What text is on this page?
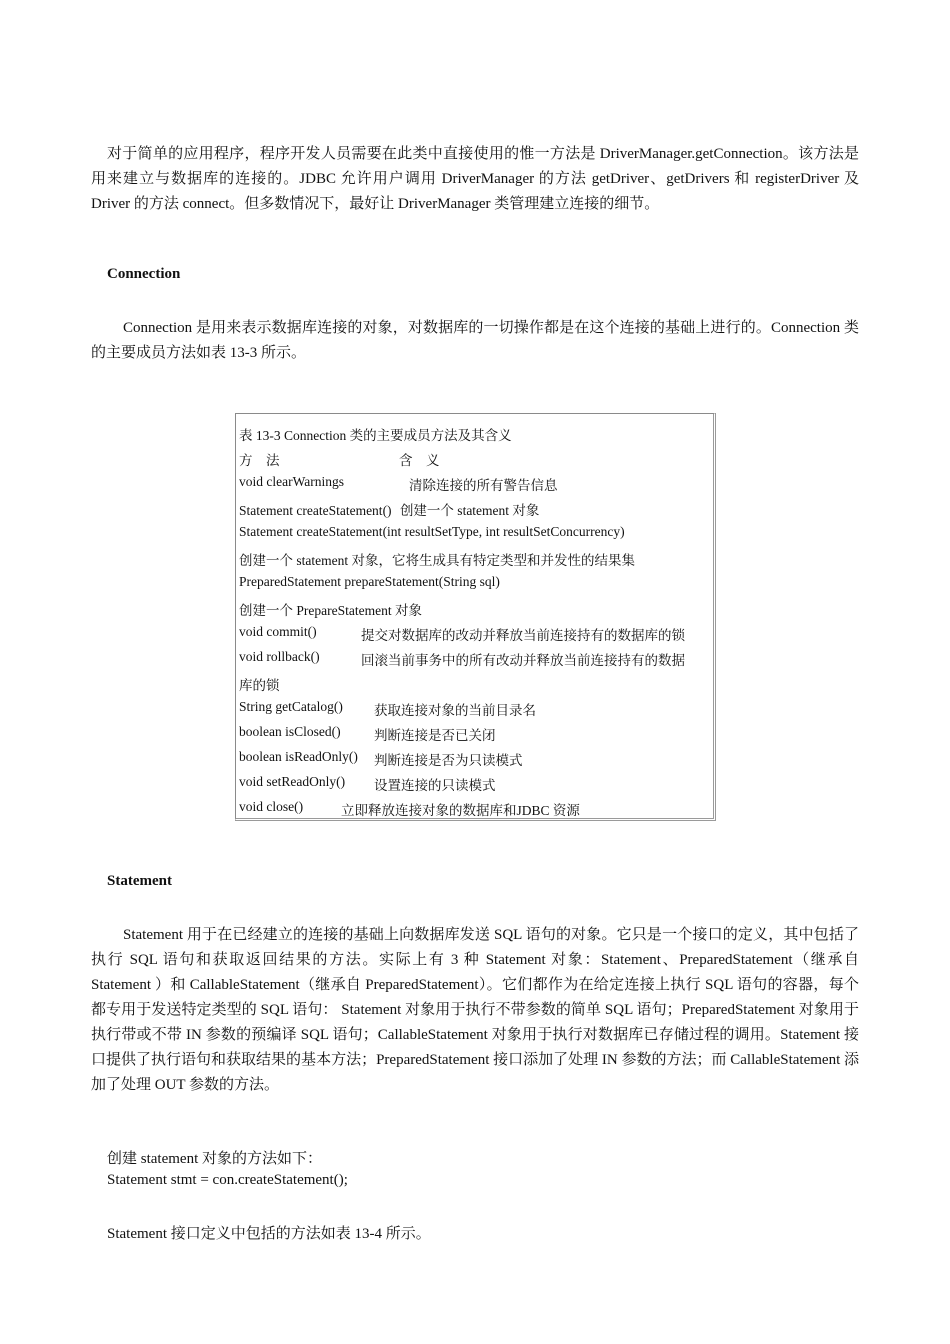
对于简单的应用程序，程序开发人员需要在此类中直接使用的惟一方法是 DriverManager.getConnection。该方法是用来建立与数据库的连接的。JDBC 允许用户调用 DriverManager 的方法 getDriver、getDrivers 和 registerDriver 及 Driver 的方法 connect。但多数情况下，最好让 DriverManager 类管理建立连接的细节。

Connection

Connection 是用来表示数据库连接的对象，对数据库的一切操作都是在这个连接的基础上进行的。Connection 类的主要成员方法如表 13-3 所示。

表 13-3 Connection 类的主要成员方法及其含义
方　法	含　义
void clearWarnings	清除连接的所有警告信息
Statement createStatement() 创建一个 statement 对象
Statement createStatement(int resultSetType, int resultSetConcurrency)
创建一个 statement 对象，它将生成具有特定类型和并发性的结果集
PreparedStatement prepareStatement(String sql)
创建一个 PrepareStatement 对象
void commit()	提交对数据库的改动并释放当前连接持有的数据库的锁
void rollback()	回滚当前事务中的所有改动并释放当前连接持有的数据
库的锁
String getCatalog() 获取连接对象的当前目录名
boolean isClosed() 判断连接是否已关闭
boolean isReadOnly() 判断连接是否为只读模式
void setReadOnly() 设置连接的只读模式
void close()	立即释放连接对象的数据库和JDBC 资源

Statement

Statement 用于在已经建立的连接的基础上向数据库发送 SQL 语句的对象。它只是一个接口的定义，其中包括了执行 SQL 语句和获取返回结果的方法。实际上有 3 种 Statement 对象：Statement、PreparedStatement（继承自 Statement ）和 CallableStatement（继承自 PreparedStatement）。它们都作为在给定连接上执行 SQL 语句的容器，每个都专用于发送特定类型的 SQL 语句： Statement 对象用于执行不带参数的简单 SQL 语句；PreparedStatement 对象用于执行带或不带 IN 参数的预编译 SQL 语句；CallableStatement 对象用于执行对数据库已存储过程的调用。Statement 接口提供了执行语句和获取结果的基本方法；PreparedStatement 接口添加了处理 IN 参数的方法；而 CallableStatement 添加了处理 OUT 参数的方法。

创建 statement 对象的方法如下：

Statement stmt = con.createStatement();

Statement 接口定义中包括的方法如表 13-4 所示。
